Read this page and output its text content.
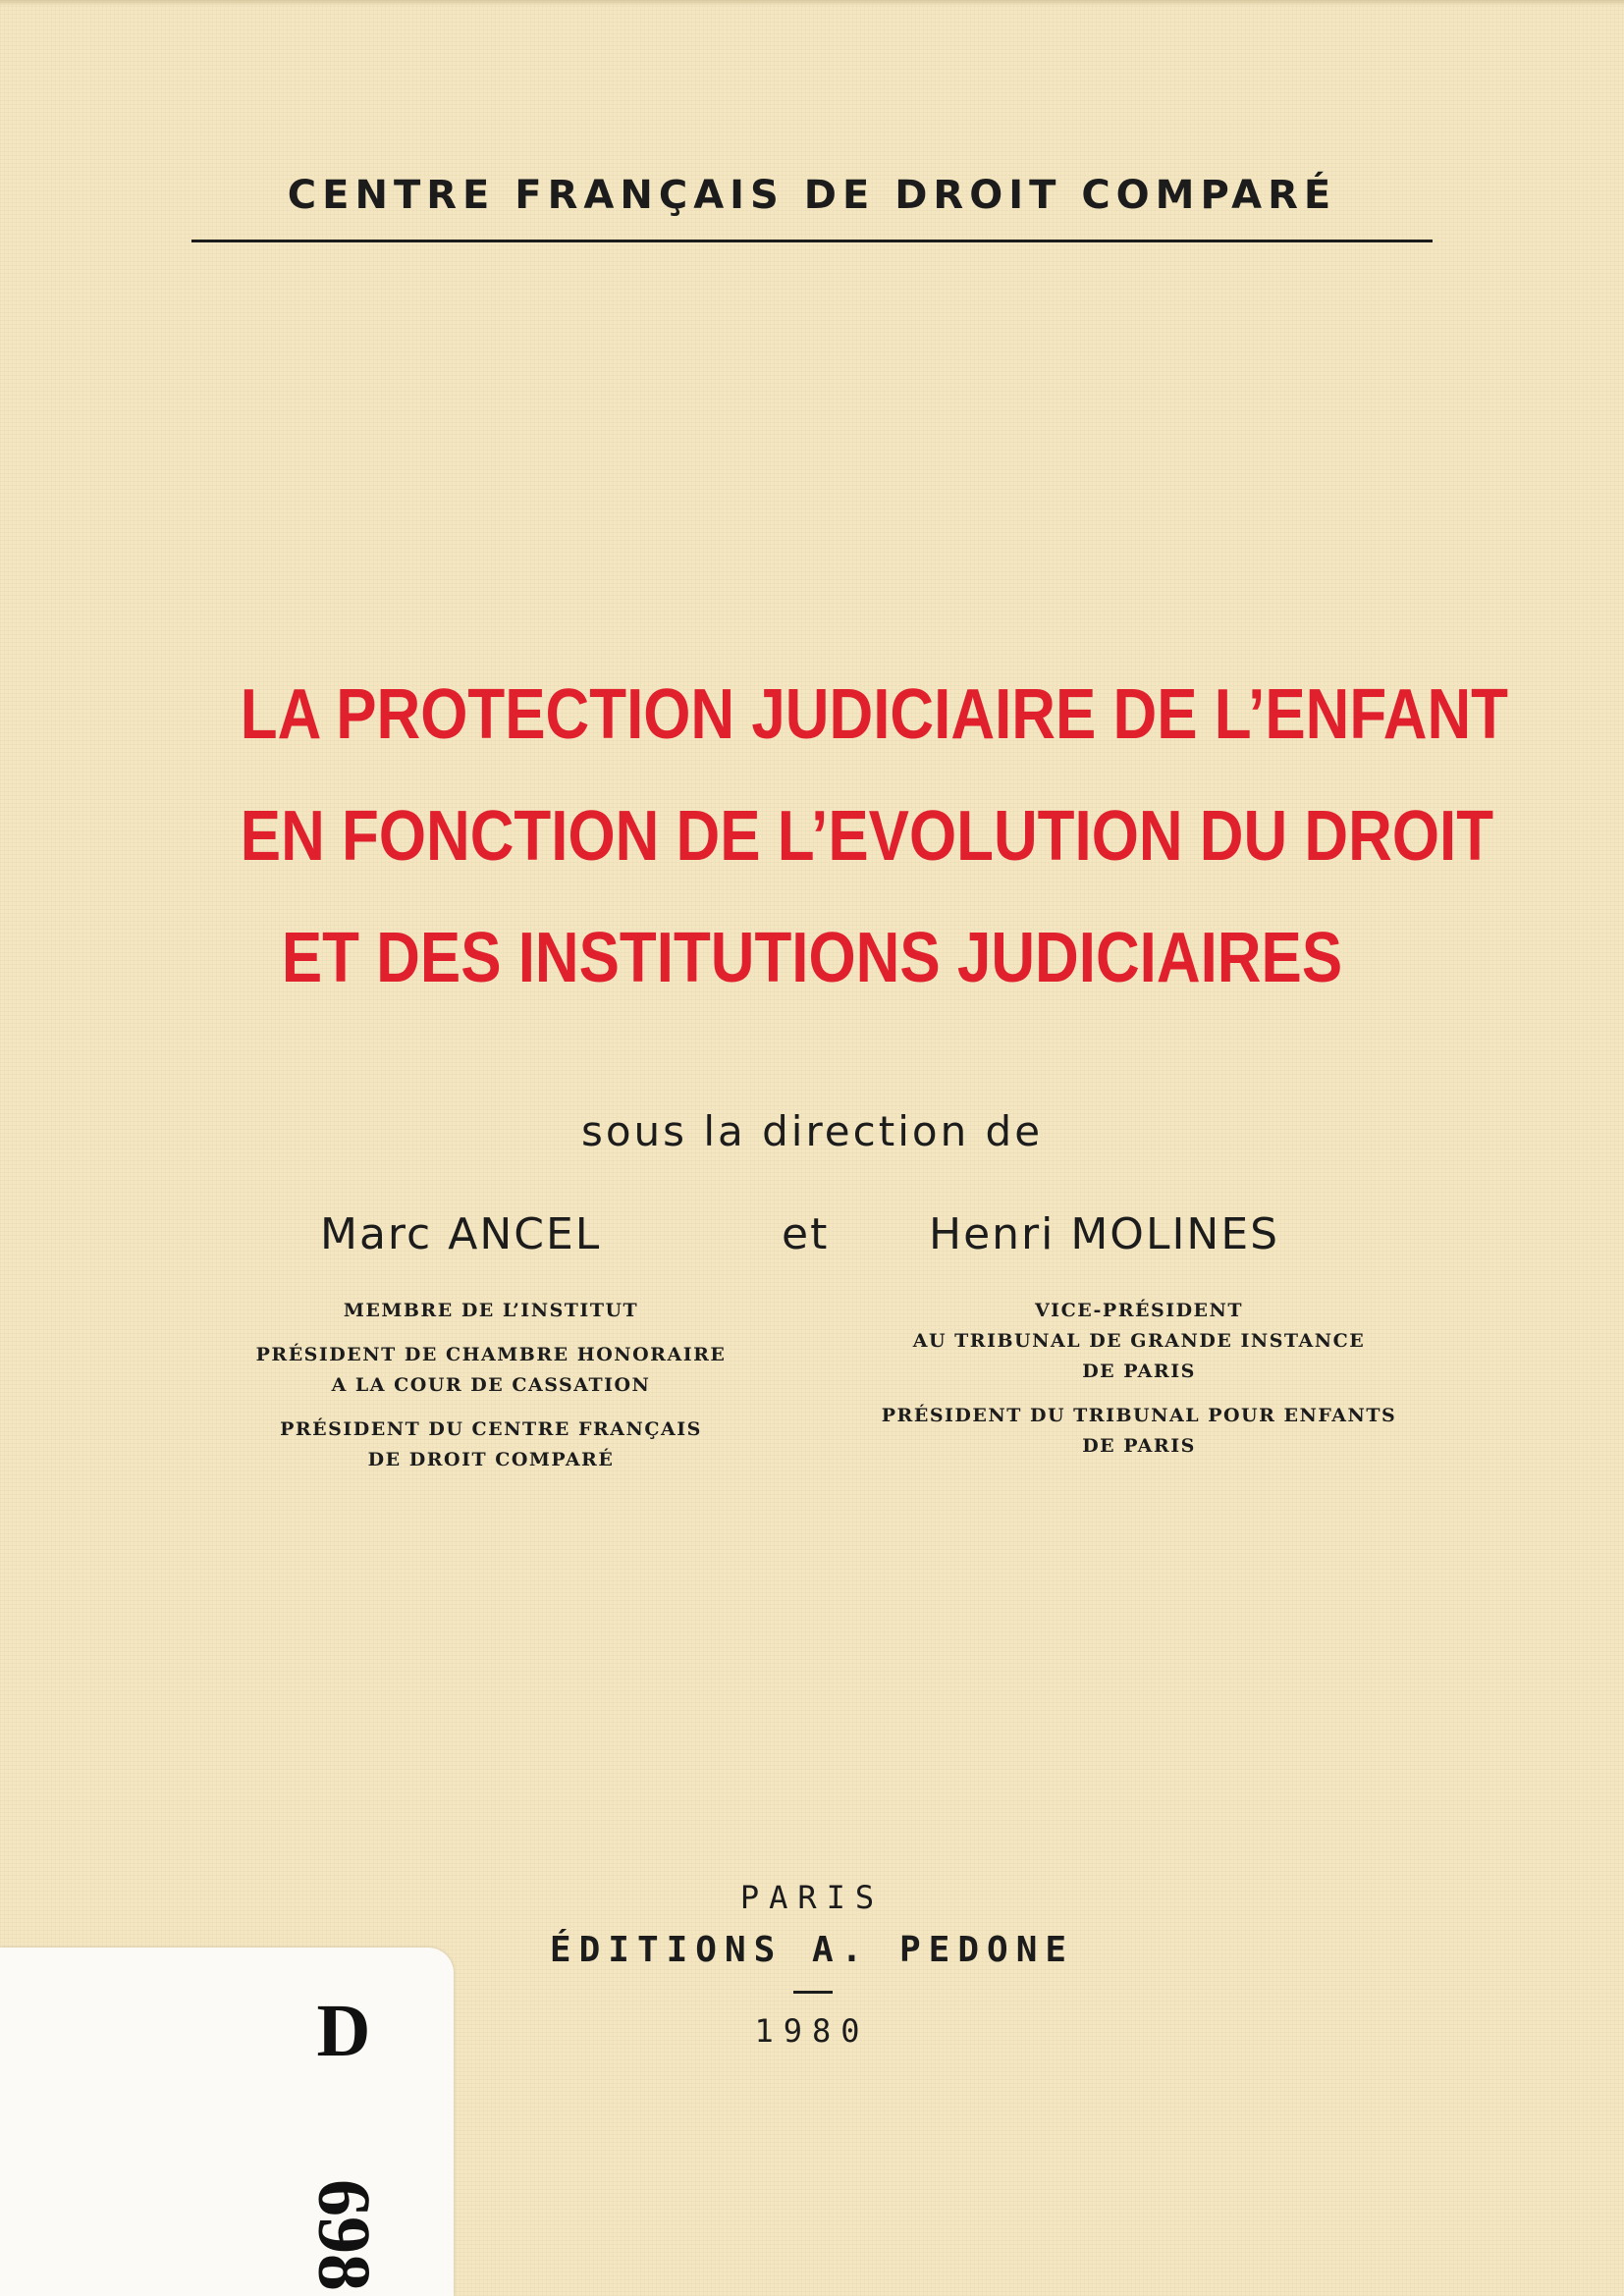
CENTRE FRANÇAIS DE DROIT COMPARÉ
LA PROTECTION JUDICIAIRE DE L’ENFANT
EN FONCTION DE L’EVOLUTION DU DROIT
ET DES INSTITUTIONS JUDICIAIRES
sous la direction de
Marc ANCEL	et Henri MOLINES
MEMBRE DE L’INSTITUT
PRÉSIDENT DE CHAMBRE HONORAIRE
A LA COUR DE CASSATION
PRÉSIDENT DU CENTRE FRANÇAIS
DE DROIT COMPARÉ
VICE-PRÉSIDENT
AU TRIBUNAL DE GRANDE INSTANCE
DE PARIS
PRÉSIDENT DU TRIBUNAL POUR ENFANTS
DE PARIS
PARIS
ÉDITIONS A. PEDONE
1980
D
698
